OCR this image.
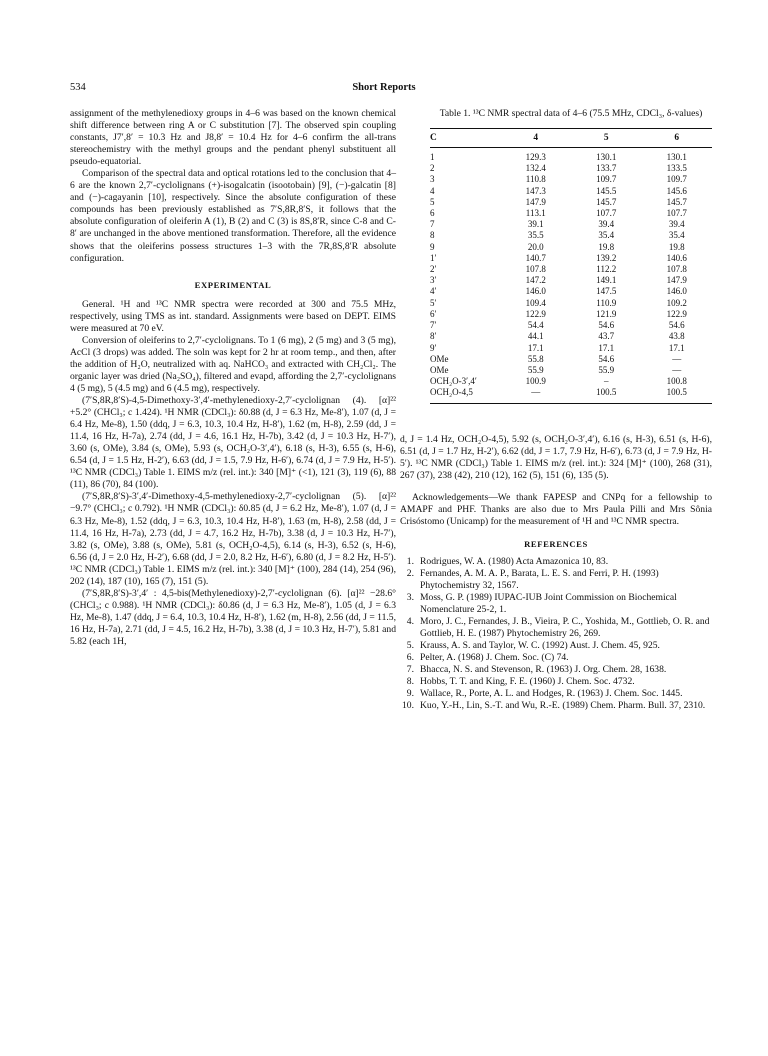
534	Short Reports

assignment of the methylenedioxy groups in 4–6 was based on the known chemical shift difference between ring A or C substitution [7]. The observed spin coupling constants, J7′,8′ = 10.3 Hz and J8,8′ = 10.4 Hz for 4–6 confirm the all-trans stereochemistry with the methyl groups and the pendant phenyl substituent all pseudo-equatorial.

Comparison of the spectral data and optical rotations led to the conclusion that 4–6 are the known 2,7′-cyclolignans (+)-isogalcatin (isootobain) [9], (−)-galcatin [8] and (−)-cagayanin [10], respectively. Since the absolute configuration of these compounds has been previously established as 7′S,8R,8′S, it follows that the absolute configuration of oleiferin A (1), B (2) and C (3) is 8S,8′R, since C-8 and C-8′ are unchanged in the above mentioned transformation. Therefore, all the evidence shows that the oleiferins possess structures 1–3 with the 7R,8S,8′R absolute configuration.

EXPERIMENTAL

General. ¹H and ¹³C NMR spectra were recorded at 300 and 75.5 MHz, respectively, using TMS as int. standard. Assignments were based on DEPT. EIMS were measured at 70 eV.

Conversion of oleiferins to 2,7′-cyclolignans. To 1 (6 mg), 2 (5 mg) and 3 (5 mg), AcCl (3 drops) was added. The soln was kept for 2 hr at room temp., and then, after the addition of H₂O, neutralized with aq. NaHCO₃ and extracted with CH₂Cl₂. The organic layer was dried (Na₂SO₄), filtered and evapd, affording the 2,7′-cyclolignans 4 (5 mg), 5 (4.5 mg) and 6 (4.5 mg), respectively.

(7′S,8R,8′S)-4,5-Dimethoxy-3′,4′-methylenedioxy-2,7′-cyclolignan (4). [α]²² +5.2° (CHCl₃; c 1.424). ¹H NMR (CDCl₃): δ0.88 (d, J = 6.3 Hz, Me-8′), 1.07 (d, J = 6.4 Hz, Me-8), 1.50 (ddq, J = 6.3, 10.3, 10.4 Hz, H-8′), 1.62 (m, H-8), 2.59 (dd, J = 11.4, 16 Hz, H-7a), 2.74 (dd, J = 4.6, 16.1 Hz, H-7b), 3.42 (d, J = 10.3 Hz, H-7′), 3.60 (s, OMe), 3.84 (s, OMe), 5.93 (s, OCH₂O-3′,4′), 6.18 (s, H-3), 6.55 (s, H-6), 6.54 (d, J = 1.5 Hz, H-2′), 6.63 (dd, J = 1.5, 7.9 Hz, H-6′), 6.74 (d, J = 7.9 Hz, H-5′). ¹³C NMR (CDCl₃) Table 1. EIMS m/z (rel. int.): 340 [M]⁺ (<1), 121 (3), 119 (6), 88 (11), 86 (70), 84 (100).

(7′S,8R,8′S)-3′,4′-Dimethoxy-4,5-methylenedioxy-2,7′-cyclolignan (5). [α]²² −9.7° (CHCl₃; c 0.792). ¹H NMR (CDCl₃): δ0.85 (d, J = 6.2 Hz, Me-8′), 1.07 (d, J = 6.3 Hz, Me-8), 1.52 (ddq, J = 6.3, 10.3, 10.4 Hz, H-8′), 1.63 (m, H-8), 2.58 (dd, J = 11.4, 16 Hz, H-7a), 2.73 (dd, J = 4.7, 16.2 Hz, H-7b), 3.38 (d, J = 10.3 Hz, H-7′), 3.82 (s, OMe), 3.88 (s, OMe), 5.81 (s, OCH₂O-4,5), 6.14 (s, H-3), 6.52 (s, H-6), 6.56 (d, J = 2.0 Hz, H-2′), 6.68 (dd, J = 2.0, 8.2 Hz, H-6′), 6.80 (d, J = 8.2 Hz, H-5′). ¹³C NMR (CDCl₃) Table 1. EIMS m/z (rel. int.): 340 [M]⁺ (100), 284 (14), 254 (96), 202 (14), 187 (10), 165 (7), 151 (5).

(7′S,8R,8′S)-3′,4′ : 4,5-bis(Methylenedioxy)-2,7′-cyclolignan (6). [α]²² −28.6° (CHCl₃; c 0.988). ¹H NMR (CDCl₃): δ0.86 (d, J = 6.3 Hz, Me-8′), 1.05 (d, J = 6.3 Hz, Me-8), 1.47 (ddq, J = 6.4, 10.3, 10.4 Hz, H-8′), 1.62 (m, H-8), 2.56 (dd, J = 11.5, 16 Hz, H-7a), 2.71 (dd, J = 4.5, 16.2 Hz, H-7b), 3.38 (d, J = 10.3 Hz, H-7′), 5.81 and 5.82 (each 1H,

Table 1. ¹³C NMR spectral data of 4–6 (75.5 MHz, CDCl₃, δ-values)
C	4	5	6
1	129.3	130.1	130.1
2	132.4	133.7	133.5
3	110.8	109.7	109.7
4	147.3	145.5	145.6
5	147.9	145.7	145.7
6	113.1	107.7	107.7
7	39.1	39.4	39.4
8	35.5	35.4	35.4
9	20.0	19.8	19.8
1′	140.7	139.2	140.6
2′	107.8	112.2	107.8
3′	147.2	149.1	147.9
4′	146.0	147.5	146.0
5′	109.4	110.9	109.2
6′	122.9	121.9	122.9
7′	54.4	54.6	54.6
8′	44.1	43.7	43.8
9′	17.1	17.1	17.1
OMe	55.8	54.6	—
OMe	55.9	55.9	—
OCH₂O-3′,4′	100.9	–	100.8
OCH₂O-4,5	—	100.5	100.5

d, J = 1.4 Hz, OCH₂O-4,5), 5.92 (s, OCH₂O-3′,4′), 6.16 (s, H-3), 6.51 (s, H-6), 6.51 (d, J = 1.7 Hz, H-2′), 6.62 (dd, J = 1.7, 7.9 Hz, H-6′), 6.73 (d, J = 7.9 Hz, H-5′). ¹³C NMR (CDCl₃) Table 1. EIMS m/z (rel. int.): 324 [M]⁺ (100), 268 (31), 267 (37), 238 (42), 210 (12), 162 (5), 151 (6), 135 (5).

Acknowledgements—We thank FAPESP and CNPq for a fellowship to AMAPF and PHF. Thanks are also due to Mrs Paula Pilli and Mrs Sônia Crisóstomo (Unicamp) for the measurement of ¹H and ¹³C NMR spectra.

REFERENCES
1. Rodrigues, W. A. (1980) Acta Amazonica 10, 83.
2. Fernandes, A. M. A. P., Barata, L. E. S. and Ferri, P. H. (1993) Phytochemistry 32, 1567.
3. Moss, G. P. (1989) IUPAC-IUB Joint Commission on Biochemical Nomenclature 25-2, 1.
4. Moro, J. C., Fernandes, J. B., Vieira, P. C., Yoshida, M., Gottlieb, O. R. and Gottlieb, H. E. (1987) Phytochemistry 26, 269.
5. Krauss, A. S. and Taylor, W. C. (1992) Aust. J. Chem. 45, 925.
6. Pelter, A. (1968) J. Chem. Soc. (C) 74.
7. Bhacca, N. S. and Stevenson, R. (1963) J. Org. Chem. 28, 1638.
8. Hobbs, T. T. and King, F. E. (1960) J. Chem. Soc. 4732.
9. Wallace, R., Porte, A. L. and Hodges, R. (1963) J. Chem. Soc. 1445.
10. Kuo, Y.-H., Lin, S.-T. and Wu, R.-E. (1989) Chem. Pharm. Bull. 37, 2310.
